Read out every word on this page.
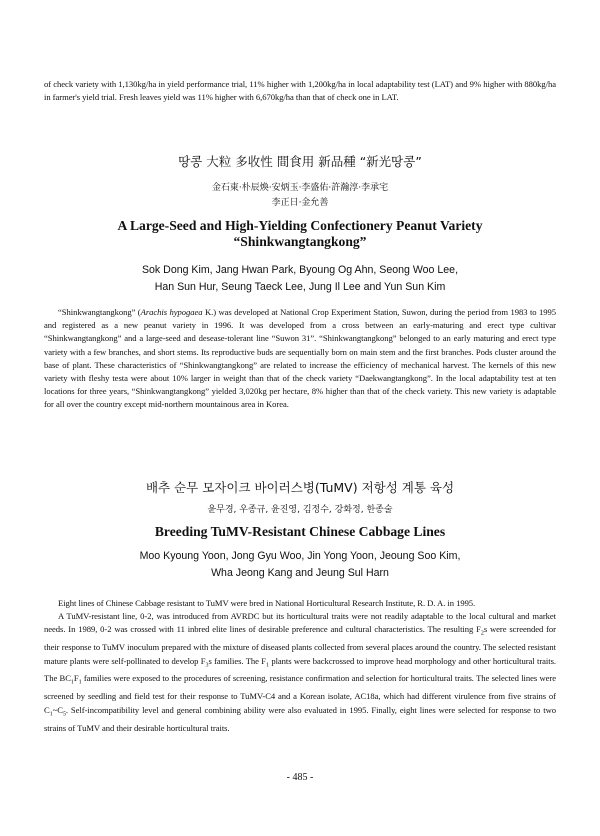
of check variety with 1,130kg/ha in yield performance trial, 11% higher with 1,200kg/ha in local adaptability test (LAT) and 9% higher with 880kg/ha in farmer's yield trial. Fresh leaves yield was 11% higher with 6,670kg/ha than that of check one in LAT.

땅콩 大粒 多收性 間食用 新品種 “新光땅콩”
金石東·朴辰煥·安炳玉·李盛佑·許瀚淳·李承宅
李正日·金允善
A Large-Seed and High-Yielding Confectionery Peanut Variety
“Shinkwangtangkong”
Sok Dong Kim, Jang Hwan Park, Byoung Og Ahn, Seong Woo Lee,
Han Sun Hur, Seung Taeck Lee, Jung Il Lee and Yun Sun Kim

“Shinkwangtangkong” (Arachis hypogaea K.) was developed at National Crop Experiment Station, Suwon, during the period from 1983 to 1995 and registered as a new peanut variety in 1996. It was developed from a cross between an early-maturing and erect type cultivar “Shinkwangtangkong” and a large-seed and desease-tolerant line “Suwon 31”. “Shinkwangtangkong” belonged to an early maturing and erect type variety with a few branches, and short stems. Its reproductive buds are sequentially born on main stem and the first branches. Pods cluster around the base of plant. These characteristics of “Shinkwangtangkong” are related to increase the efficiency of mechanical harvest. The kernels of this new variety with fleshy testa were about 10% larger in weight than that of the check variety “Daekwangtangkong”. In the local adaptability test at ten locations for three years, “Shinkwangtangkong” yielded 3,020kg per hectare, 8% higher than that of the check variety. This new variety is adaptable for all over the country except mid-northern mountainous area in Korea.

배추 순무 모자이크 바이러스병(TuMV) 저항성 계통 육성
윤무경, 우종규, 윤진영, 김정수, 강화정, 한종술
Breeding TuMV-Resistant Chinese Cabbage Lines
Moo Kyoung Yoon, Jong Gyu Woo, Jin Yong Yoon, Jeoung Soo Kim,
Wha Jeong Kang and Jeung Sul Harn

Eight lines of Chinese Cabbage resistant to TuMV were bred in National Horticultural Research Institute, R. D. A. in 1995.

A TuMV-resistant line, 0-2, was introduced from AVRDC but its horticultural traits were not readily adaptable to the local cultural and market needs. In 1989, 0-2 was crossed with 11 inbred elite lines of desirable preference and cultural characteristics. The resulting $F_2s$ were screended for their response to TuMV inoculum prepared with the mixture of diseased plants collected from several places around the country. The selected resistant mature plants were self-pollinated to develop $F_3s$ families. The $F_1$ plants were backcrossed to improve head morphology and other horticultural traits. The $BC_1F_1$ families were exposed to the procedures of screening, resistance confirmation and selection for horticultural traits. The selected lines were screened by seedling and field test for their response to TuMV-C4 and a Korean isolate, AC18a, which had different virulence from five strains of $C_1\sim C_5$. Self-incompatibility level and general combining ability were also evaluated in 1995. Finally, eight lines were selected for response to two strains of TuMV and their desirable horticultural traits.

- 485 -
